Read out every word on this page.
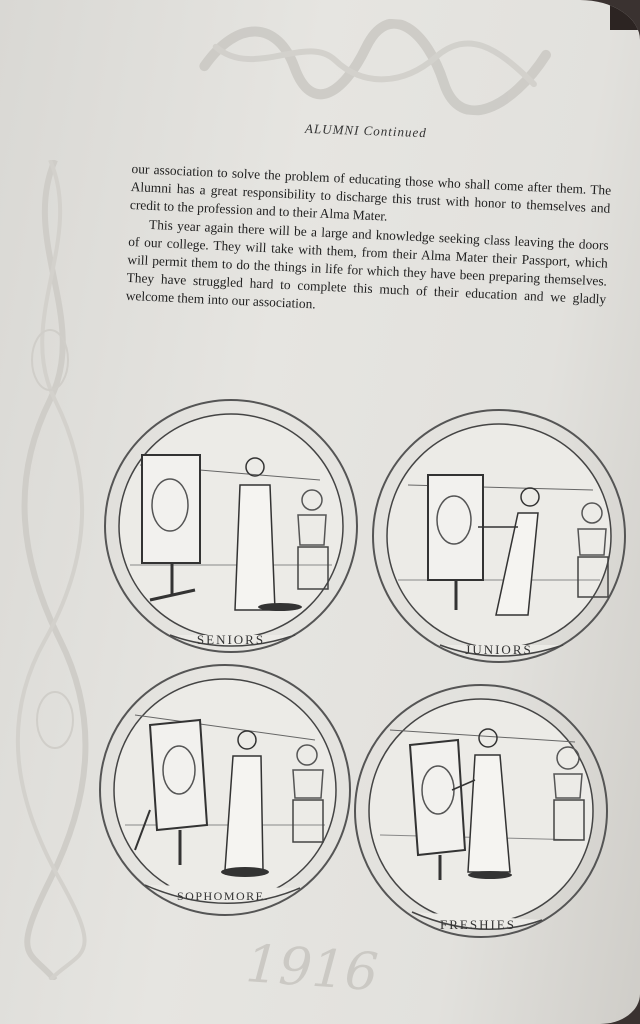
ALUMNI Continued

our association to solve the problem of educating those who shall come after them. The Alumni has a great responsibility to discharge this trust with honor to themselves and credit to the profession and to their Alma Mater.

This year again there will be a large and knowledge seeking class leaving the doors of our college. They will take with them, from their Alma Mater their Passport, which will permit them to do the things in life for which they have been preparing themselves. They have struggled hard to complete this much of their education and we gladly welcome them into our association.

SENIORS
JUNIORS
SOPHOMORE.
FRESHIES
1916
